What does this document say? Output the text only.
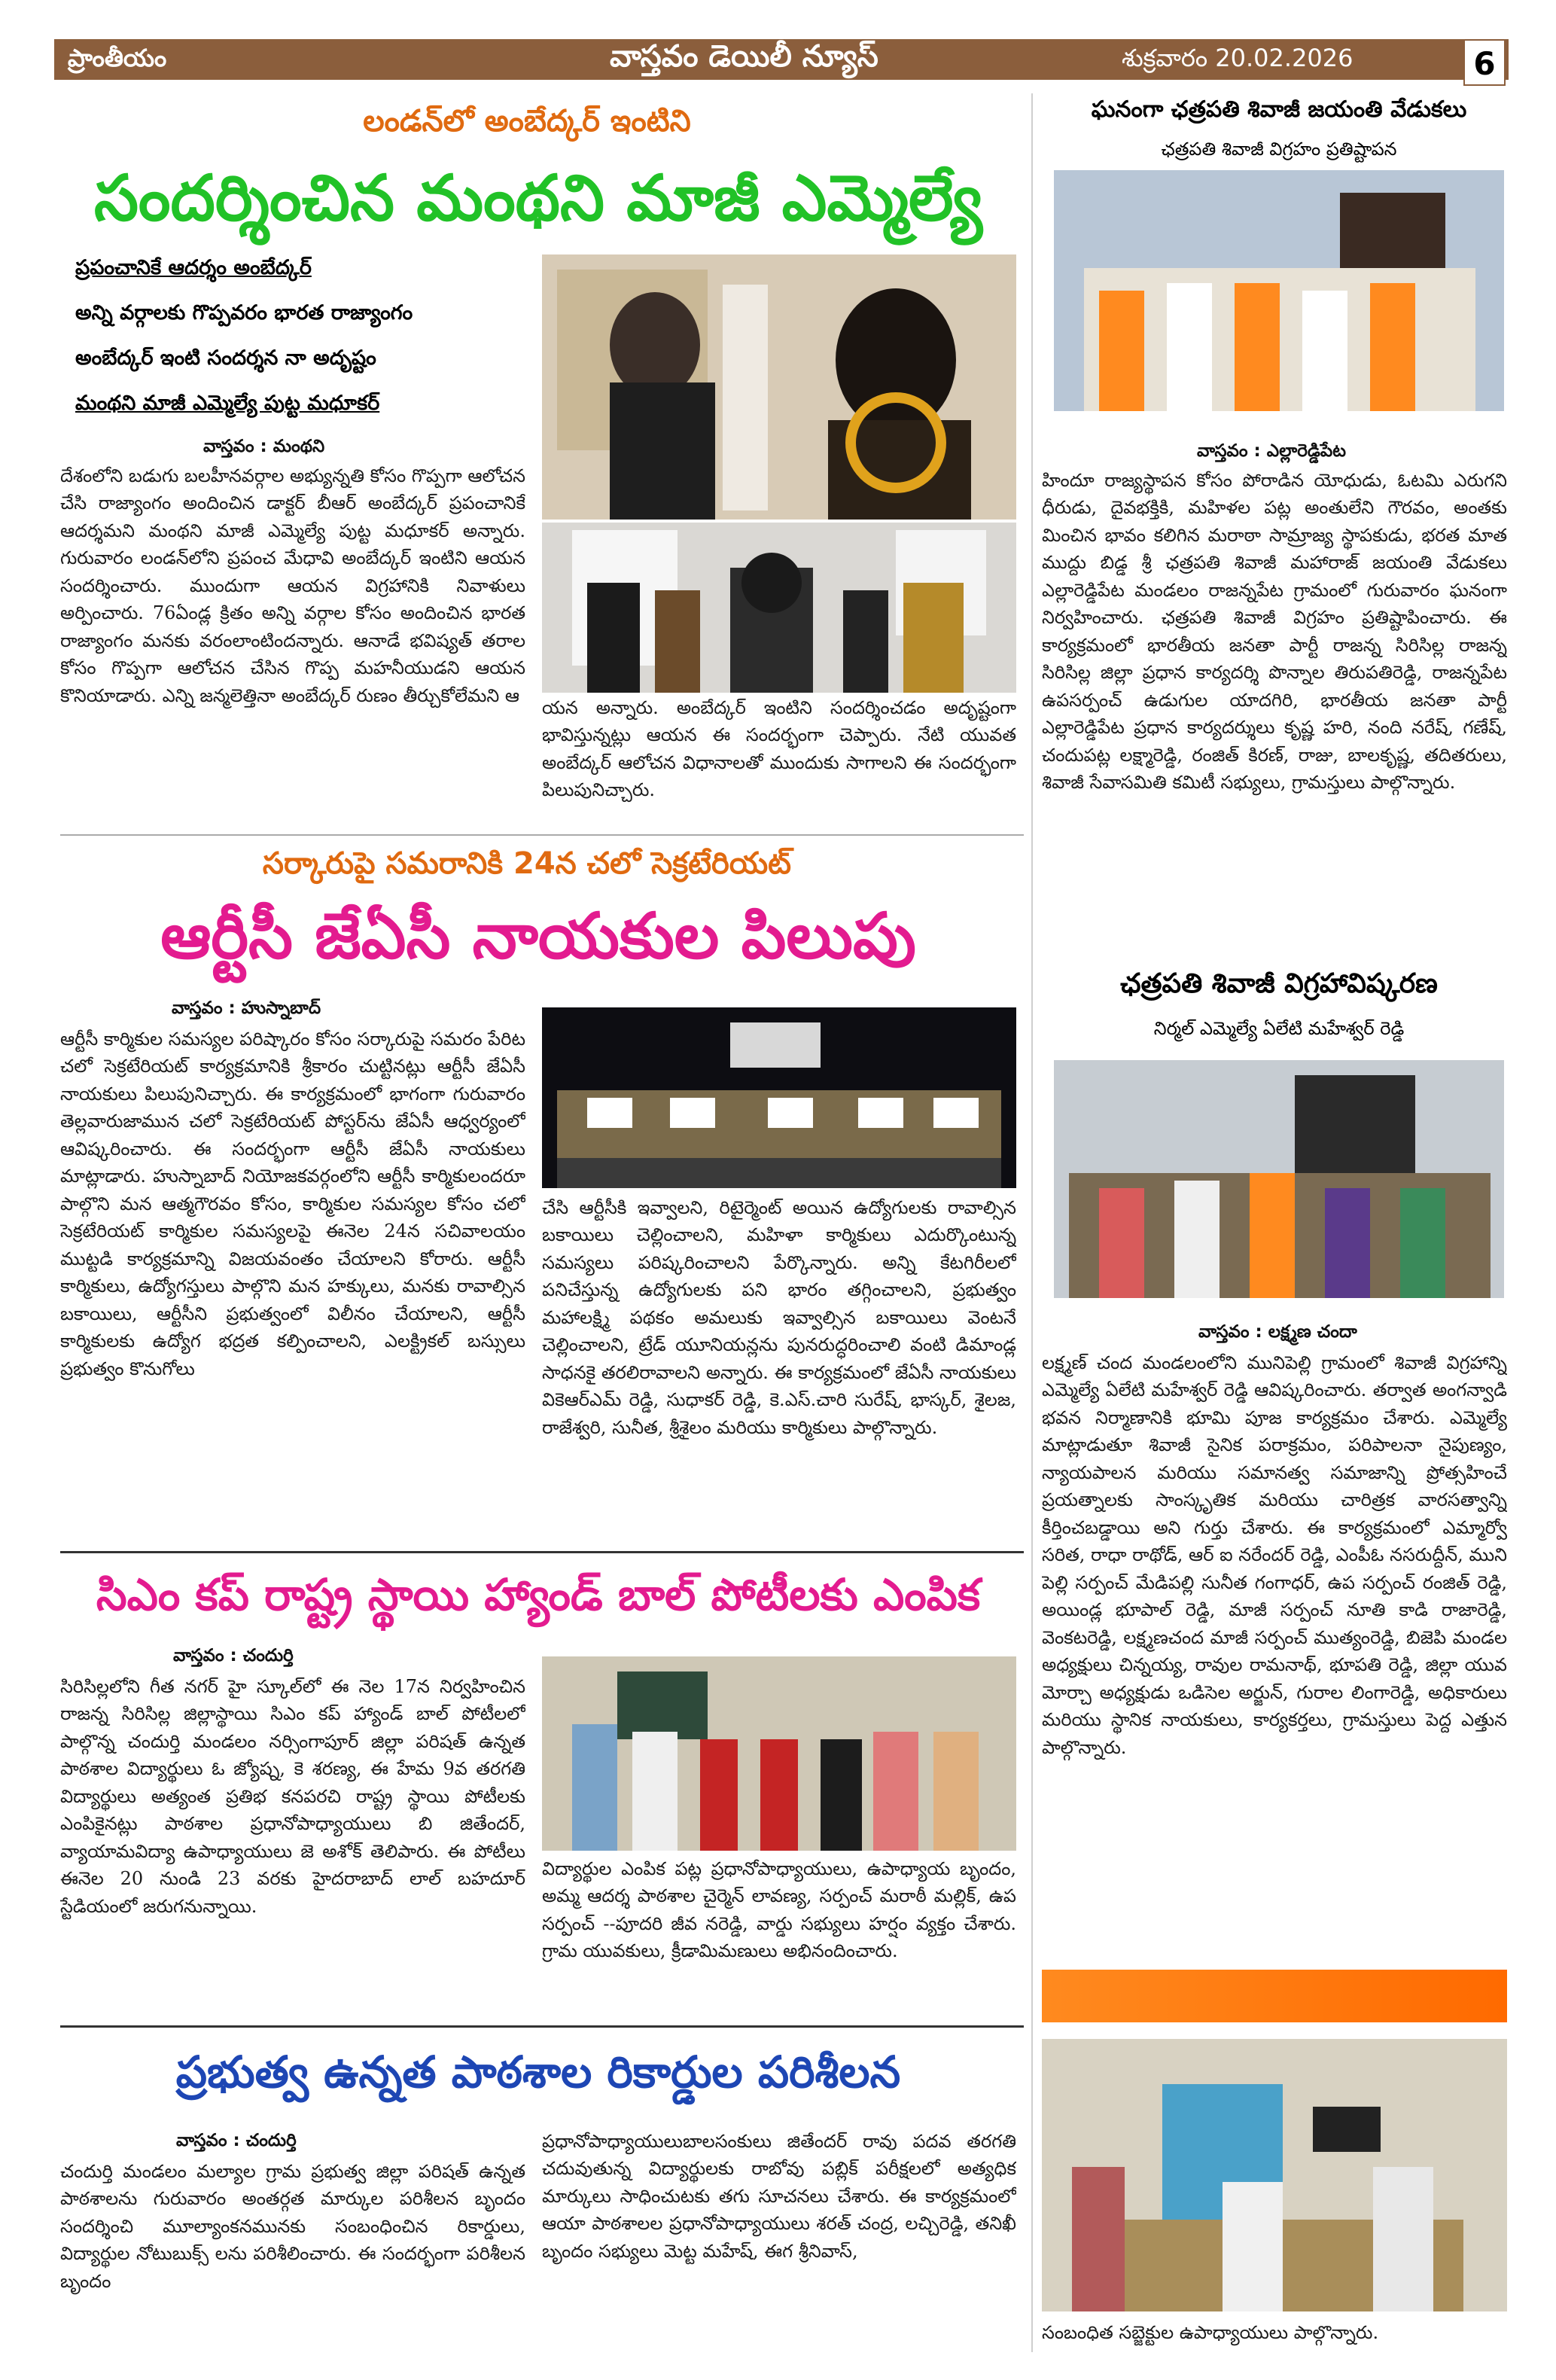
ప్రాంతీయం	వాస్తవం డెయిలీ న్యూస్	శుక్రవారం 20.02.2026	6
లండన్‌లో అంబేద్కర్ ఇంటిని
సందర్శించిన మంథని మాజీ ఎమ్మెల్యే
ప్రపంచానికే ఆదర్శం అంబేద్కర్
అన్ని వర్గాలకు గొప్పవరం భారత రాజ్యాంగం
అంబేద్కర్ ఇంటి సందర్శన నా అదృష్టం
మంథని మాజీ ఎమ్మెల్యే పుట్ట మధూకర్
వాస్తవం : మంథని
దేశంలోని బడుగు బలహీనవర్గాల అభ్యున్నతి కోసం గొప్పగా ఆలోచన చేసి రాజ్యాంగం అందించిన డాక్టర్ బీఆర్ అంబేద్కర్ ప్రపంచానికే ఆదర్శమని మంథని మాజీ ఎమ్మెల్యే పుట్ట మధూకర్ అన్నారు. గురువారం లండన్‌లోని ప్రపంచ మేధావి అంబేద్కర్ ఇంటిని ఆయన సందర్శించారు. ముందుగా ఆయన విగ్రహానికి నివాళులు అర్పించారు. 76ఏండ్ల క్రితం అన్ని వర్గాల కోసం అందించిన భారత రాజ్యాంగం మనకు వరంలాంటిందన్నారు. ఆనాడే భవిష్యత్ తరాల కోసం గొప్పగా ఆలోచన చేసిన గొప్ప మహనీయుడని ఆయన కొనియాడారు. ఎన్ని జన్మలెత్తినా అంబేద్కర్ రుణం తీర్చుకోలేమని ఆ
యన అన్నారు. అంబేద్కర్ ఇంటిని సందర్శించడం అదృష్టంగా భావిస్తున్నట్లు ఆయన ఈ సందర్భంగా చెప్పారు. నేటి యువత అంబేద్కర్ ఆలోచన విధానాలతో ముందుకు సాగాలని ఈ సందర్భంగా పిలుపునిచ్చారు.
సర్కారుపై సమరానికి 24న చలో సెక్రటేరియట్
ఆర్టీసీ జేఏసీ నాయకుల పిలుపు
వాస్తవం : హుస్నాబాద్
ఆర్టీసీ కార్మికుల సమస్యల పరిష్కారం కోసం సర్కారుపై సమరం పేరిట చలో సెక్రటేరియట్ కార్యక్రమానికి శ్రీకారం చుట్టినట్లు ఆర్టీసీ జేఏసీ నాయకులు పిలుపునిచ్చారు. ఈ కార్యక్రమంలో భాగంగా గురువారం తెల్లవారుజామున చలో సెక్రటేరియట్ పోస్టర్‌ను జేఏసీ ఆధ్వర్యంలో ఆవిష్కరించారు. ఈ సందర్భంగా ఆర్టీసీ జేఏసీ నాయకులు మాట్లాడారు. హుస్నాబాద్ నియోజకవర్గంలోని ఆర్టీసీ కార్మికులందరూ పాల్గొని మన ఆత్మగౌరవం కోసం, కార్మికుల సమస్యల కోసం చలో సెక్రటేరియట్ కార్మికుల సమస్యలపై ఈనెల 24న సచివాలయం ముట్టడి కార్యక్రమాన్ని విజయవంతం చేయాలని కోరారు. ఆర్టీసీ కార్మికులు, ఉద్యోగస్తులు పాల్గొని మన హక్కులు, మనకు రావాల్సిన బకాయిలు, ఆర్టీసీని ప్రభుత్వంలో విలీనం చేయాలని, ఆర్టీసీ కార్మికులకు ఉద్యోగ భద్రత కల్పించాలని, ఎలక్ట్రికల్ బస్సులు ప్రభుత్వం కొనుగోలు
చేసి ఆర్టీసీకి ఇవ్వాలని, రిటైర్మెంట్ అయిన ఉద్యోగులకు రావాల్సిన బకాయిలు చెల్లించాలని, మహిళా కార్మికులు ఎదుర్కొంటున్న సమస్యలు పరిష్కరించాలని పేర్కొన్నారు. అన్ని కేటగిరీలలో పనిచేస్తున్న ఉద్యోగులకు పని భారం తగ్గించాలని, ప్రభుత్వం మహాలక్ష్మి పథకం అమలుకు ఇవ్వాల్సిన బకాయిలు వెంటనే చెల్లించాలని, ట్రేడ్ యూనియన్లను పునరుద్ధరించాలి వంటి డిమాండ్ల సాధనకై తరలిరావాలని అన్నారు. ఈ కార్యక్రమంలో జేఏసీ నాయకులు వికెఆర్ఎమ్ రెడ్డి, సుధాకర్ రెడ్డి, కె.ఎస్.చారి సురేష్, భాస్కర్, శైలజ, రాజేశ్వరి, సునీత, శ్రీశైలం మరియు కార్మికులు పాల్గొన్నారు.
సిఎం కప్ రాష్ట్ర స్థాయి హ్యాండ్ బాల్ పోటీలకు ఎంపిక
వాస్తవం : చందుర్తి
సిరిసిల్లలోని గీత నగర్ హై స్కూల్‌లో ఈ నెల 17న నిర్వహించిన రాజన్న సిరిసిల్ల జిల్లాస్థాయి సిఎం కప్ హ్యాండ్ బాల్ పోటీలలో పాల్గొన్న చందుర్తి మండలం నర్సింగాపూర్ జిల్లా పరిషత్ ఉన్నత పాఠశాల విద్యార్థులు ఓ జ్యోష్న, కె శరణ్య, ఈ హేమ 9వ తరగతి విద్యార్థులు అత్యంత ప్రతిభ కనపరచి రాష్ట్ర స్థాయి పోటీలకు ఎంపికైనట్లు పాఠశాల ప్రధానోపాధ్యాయులు బి జితేందర్, వ్యాయామవిద్యా ఉపాధ్యాయులు జె అశోక్ తెలిపారు. ఈ పోటీలు ఈనెల 20 నుండి 23 వరకు హైదరాబాద్ లాల్ బహదూర్ స్టేడియంలో జరుగనున్నాయి.
విద్యార్థుల ఎంపిక పట్ల ప్రధానోపాధ్యాయులు, ఉపాధ్యాయ బృందం, అమ్మ ఆదర్శ పాఠశాల చైర్మెన్ లావణ్య, సర్పంచ్ మరాఠీ మల్లిక్, ఉప సర్పంచ్ --పూదరి జీవ నరెడ్డి, వార్డు సభ్యులు హర్షం వ్యక్తం చేశారు. గ్రామ యువకులు, క్రీడామిమణులు అభినందించారు.
ప్రభుత్వ ఉన్నత పాఠశాల రికార్డుల పరిశీలన
వాస్తవం : చందుర్తి
చందుర్తి మండలం మల్యాల గ్రామ ప్రభుత్వ జిల్లా పరిషత్ ఉన్నత పాఠశాలను గురువారం అంతర్గత మార్కుల పరిశీలన బృందం సందర్శించి మూల్యాంకనమునకు సంబంధించిన రికార్డులు, విద్యార్థుల నోటుబుక్స్ లను పరిశీలించారు. ఈ సందర్భంగా పరిశీలన బృందం
ప్రధానోపాధ్యాయులుబాలసంకులు జితేందర్ రావు పదవ తరగతి చదువుతున్న విద్యార్థులకు రాబోవు పబ్లిక్ పరీక్షలలో అత్యధిక మార్కులు సాధించుటకు తగు సూచనలు చేశారు. ఈ కార్యక్రమంలో ఆయా పాఠశాలల ప్రధానోపాధ్యాయులు శరత్ చంద్ర, లచ్చిరెడ్డి, తనిఖీ బృందం సభ్యులు మెట్ట మహేష్, ఈగ శ్రీనివాస్,
ఘనంగా ఛత్రపతి శివాజీ జయంతి వేడుకలు
ఛత్రపతి శివాజీ విగ్రహం ప్రతిష్టాపన
వాస్తవం : ఎల్లారెడ్డిపేట
హిందూ రాజ్యస్థాపన కోసం పోరాడిన యోధుడు, ఓటమి ఎరుగని ధీరుడు, దైవభక్తికి, మహిళల పట్ల అంతులేని గౌరవం, అంతకు మించిన భావం కలిగిన మరాఠా సామ్రాజ్య స్థాపకుడు, భరత మాత ముద్దు బిడ్డ శ్రీ ఛత్రపతి శివాజీ మహారాజ్ జయంతి వేడుకలు ఎల్లారెడ్డిపేట మండలం రాజన్నపేట గ్రామంలో గురువారం ఘనంగా నిర్వహించారు. ఛత్రపతి శివాజీ విగ్రహం ప్రతిష్టాపించారు. ఈ కార్యక్రమంలో భారతీయ జనతా పార్టీ రాజన్న సిరిసిల్ల రాజన్న సిరిసిల్ల జిల్లా ప్రధాన కార్యదర్శి పొన్నాల తిరుపతిరెడ్డి, రాజన్నపేట ఉపసర్పంచ్ ఉడుగుల యాదగిరి, భారతీయ జనతా పార్టీ ఎల్లారెడ్డిపేట ప్రధాన కార్యదర్శులు కృష్ణ హరి, నంది నరేష్, గణేష్, చందుపట్ల లక్ష్మారెడ్డి, రంజిత్ కిరణ్, రాజు, బాలకృష్ణ, తదితరులు, శివాజీ సేవాసమితి కమిటీ సభ్యులు, గ్రామస్తులు పాల్గొన్నారు.
ఛత్రపతి శివాజీ విగ్రహావిష్కరణ
నిర్మల్ ఎమ్మెల్యే ఏలేటి మహేశ్వర్ రెడ్డి
వాస్తవం : లక్ష్మణ చందా
లక్ష్మణ్ చంద మండలంలోని మునిపెల్లి గ్రామంలో శివాజీ విగ్రహాన్ని ఎమ్మెల్యే ఏలేటి మహేశ్వర్ రెడ్డి ఆవిష్కరించారు. తర్వాత అంగన్వాడి భవన నిర్మాణానికి భూమి పూజ కార్యక్రమం చేశారు. ఎమ్మెల్యే మాట్లాడుతూ శివాజీ సైనిక పరాక్రమం, పరిపాలనా నైపుణ్యం, న్యాయపాలన మరియు సమానత్వ సమాజాన్ని ప్రోత్సహించే ప్రయత్నాలకు సాంస్కృతిక మరియు చారిత్రక వారసత్వాన్ని కీర్తించబడ్డాయి అని గుర్తు చేశారు. ఈ కార్యక్రమంలో ఎమ్మార్వో సరిత, రాధా రాథోడ్, ఆర్ ఐ నరేందర్ రెడ్డి, ఎంపీఓ నసరుద్దీన్, ముని పెల్లి సర్పంచ్ మేడిపల్లి సునీత గంగాధర్, ఉప సర్పంచ్ రంజిత్ రెడ్డి, అయిండ్ల భూపాల్ రెడ్డి, మాజీ సర్పంచ్ నూతి కాడి రాజారెడ్డి, వెంకటరెడ్డి, లక్ష్మణచంద మాజీ సర్పంచ్ ముత్యంరెడ్డి, బిజెపి మండల అధ్యక్షులు చిన్నయ్య, రావుల రామనాథ్, భూపతి రెడ్డి, జిల్లా యువ మోర్చా అధ్యక్షుడు ఒడిసెల అర్జున్, గురాల లింగారెడ్డి, అధికారులు మరియు స్థానిక నాయకులు, కార్యకర్తలు, గ్రామస్తులు పెద్ద ఎత్తున పాల్గొన్నారు.
సంబంధిత సబ్జెక్టుల ఉపాధ్యాయులు పాల్గొన్నారు.
